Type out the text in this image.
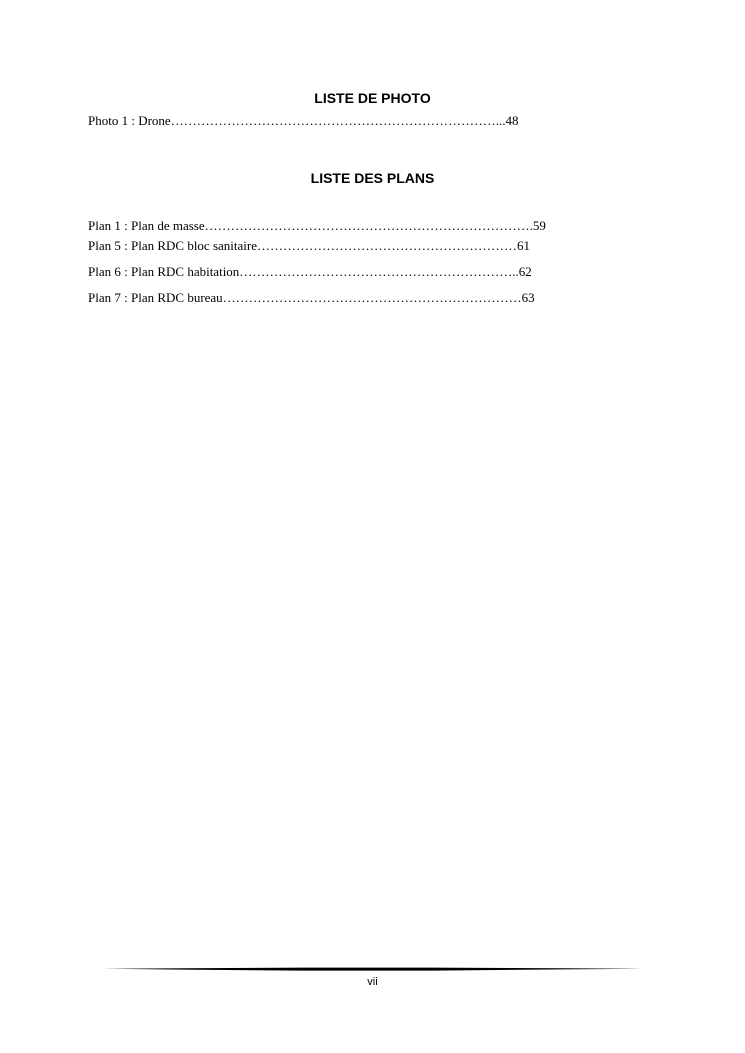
LISTE DE PHOTO
Photo 1 : Drone…………………………………………………………………...48
LISTE DES PLANS
Plan 1 : Plan de masse………………………………………………………………….59
Plan 5 : Plan RDC bloc sanitaire……………………………………………………61
Plan 6 : Plan RDC habitation………………………………………………………..62
Plan 7 : Plan RDC bureau……………………………………………………………63
vii
